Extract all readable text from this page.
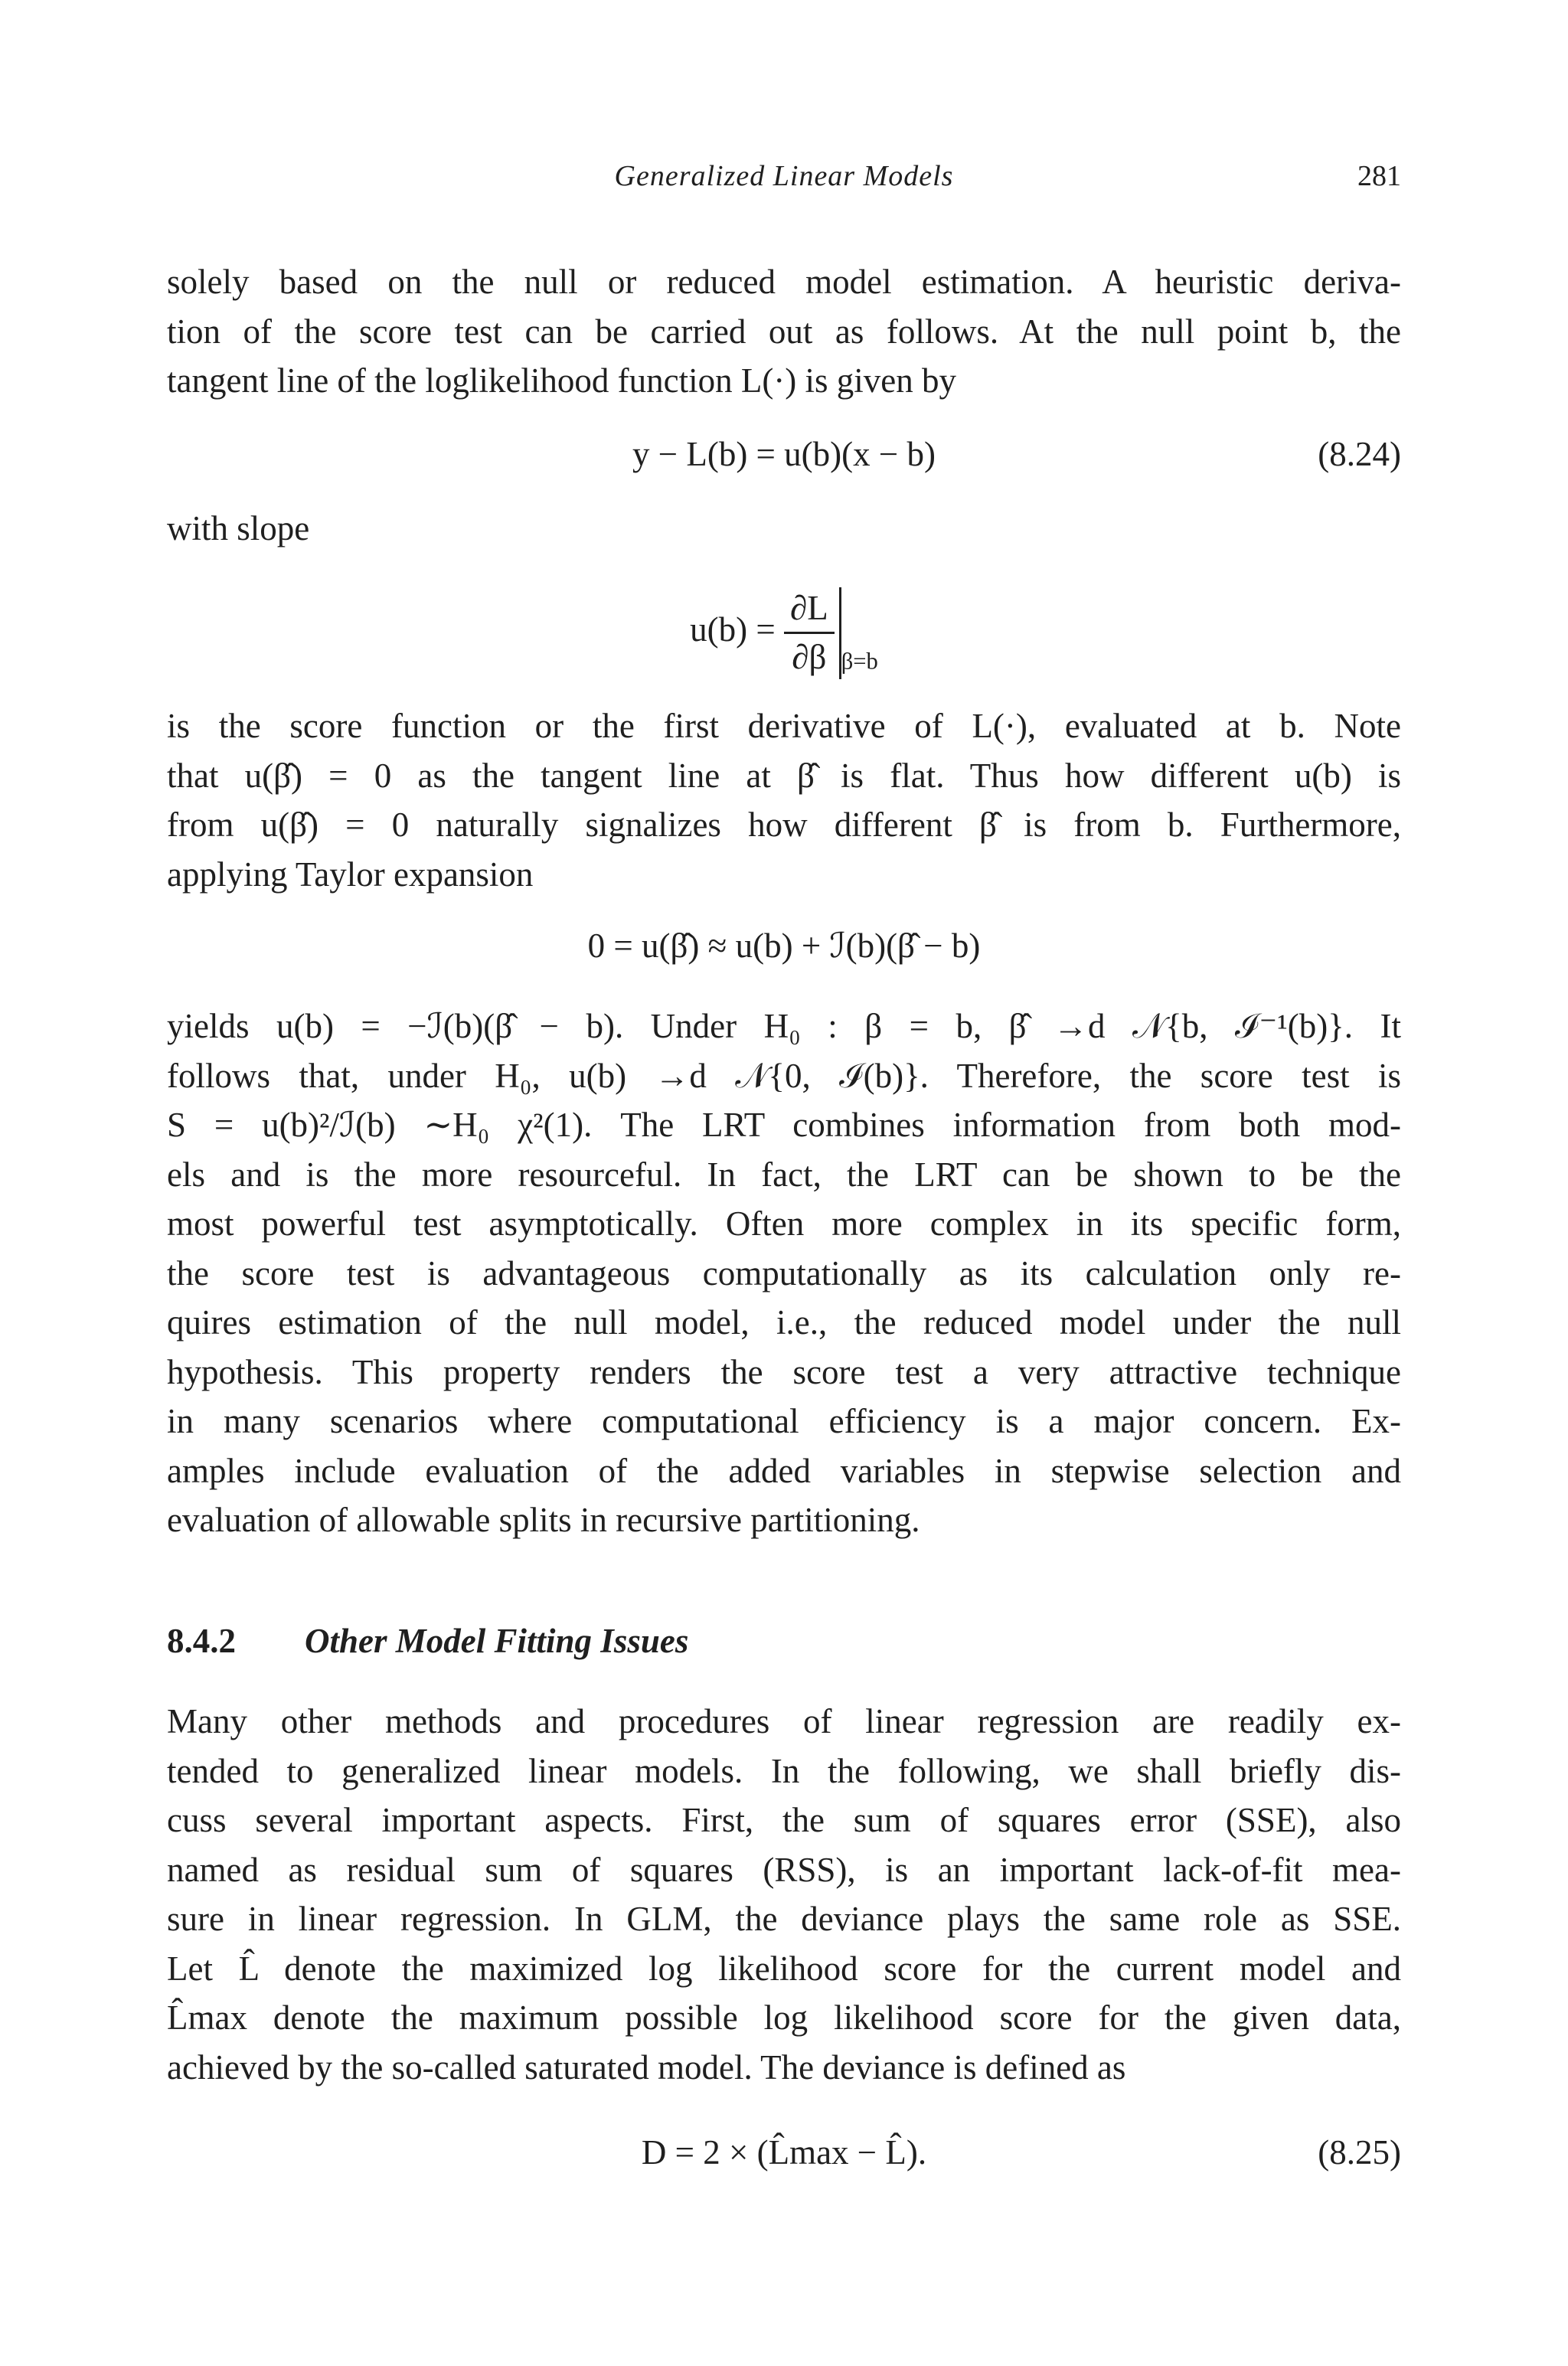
Generalized Linear Models	281
solely based on the null or reduced model estimation. A heuristic deriva-
tion of the score test can be carried out as follows. At the null point b, the
tangent line of the loglikelihood function L(·) is given by
y − L(b) = u(b)(x − b)	(8.24)
with slope
$u(b) = \frac{\partial L}{\partial\beta} _{\beta=b}$
is the score function or the first derivative of L(·), evaluated at b. Note
that u(β̂) = 0 as the tangent line at β̂ is flat. Thus how different u(b) is
from u(β̂) = 0 naturally signalizes how different β̂ is from b. Furthermore,
applying Taylor expansion
0 = u(β̂) ≈ u(b) + ℐ(b)(β̂ − b)
yields u(b) = −ℐ(b)(β̂ − b). Under H₀ : β = b, β̂ →d 𝒩{b, ℐ⁻¹(b)}. It
follows that, under H₀, u(b) →d 𝒩{0, ℐ(b)}. Therefore, the score test is
S = u(b)²/ℐ(b) ∼H₀ χ²(1). The LRT combines information from both mod-
els and is the more resourceful. In fact, the LRT can be shown to be the
most powerful test asymptotically. Often more complex in its specific form,
the score test is advantageous computationally as its calculation only re-
quires estimation of the null model, i.e., the reduced model under the null
hypothesis. This property renders the score test a very attractive technique
in many scenarios where computational efficiency is a major concern. Ex-
amples include evaluation of the added variables in stepwise selection and
evaluation of allowable splits in recursive partitioning.
8.4.2 Other Model Fitting Issues
Many other methods and procedures of linear regression are readily ex-
tended to generalized linear models. In the following, we shall briefly dis-
cuss several important aspects. First, the sum of squares error (SSE), also
named as residual sum of squares (RSS), is an important lack-of-fit mea-
sure in linear regression. In GLM, the deviance plays the same role as SSE.
Let L̂ denote the maximized log likelihood score for the current model and
L̂max denote the maximum possible log likelihood score for the given data,
achieved by the so-called saturated model. The deviance is defined as
D = 2 × (L̂max − L̂).	(8.25)
